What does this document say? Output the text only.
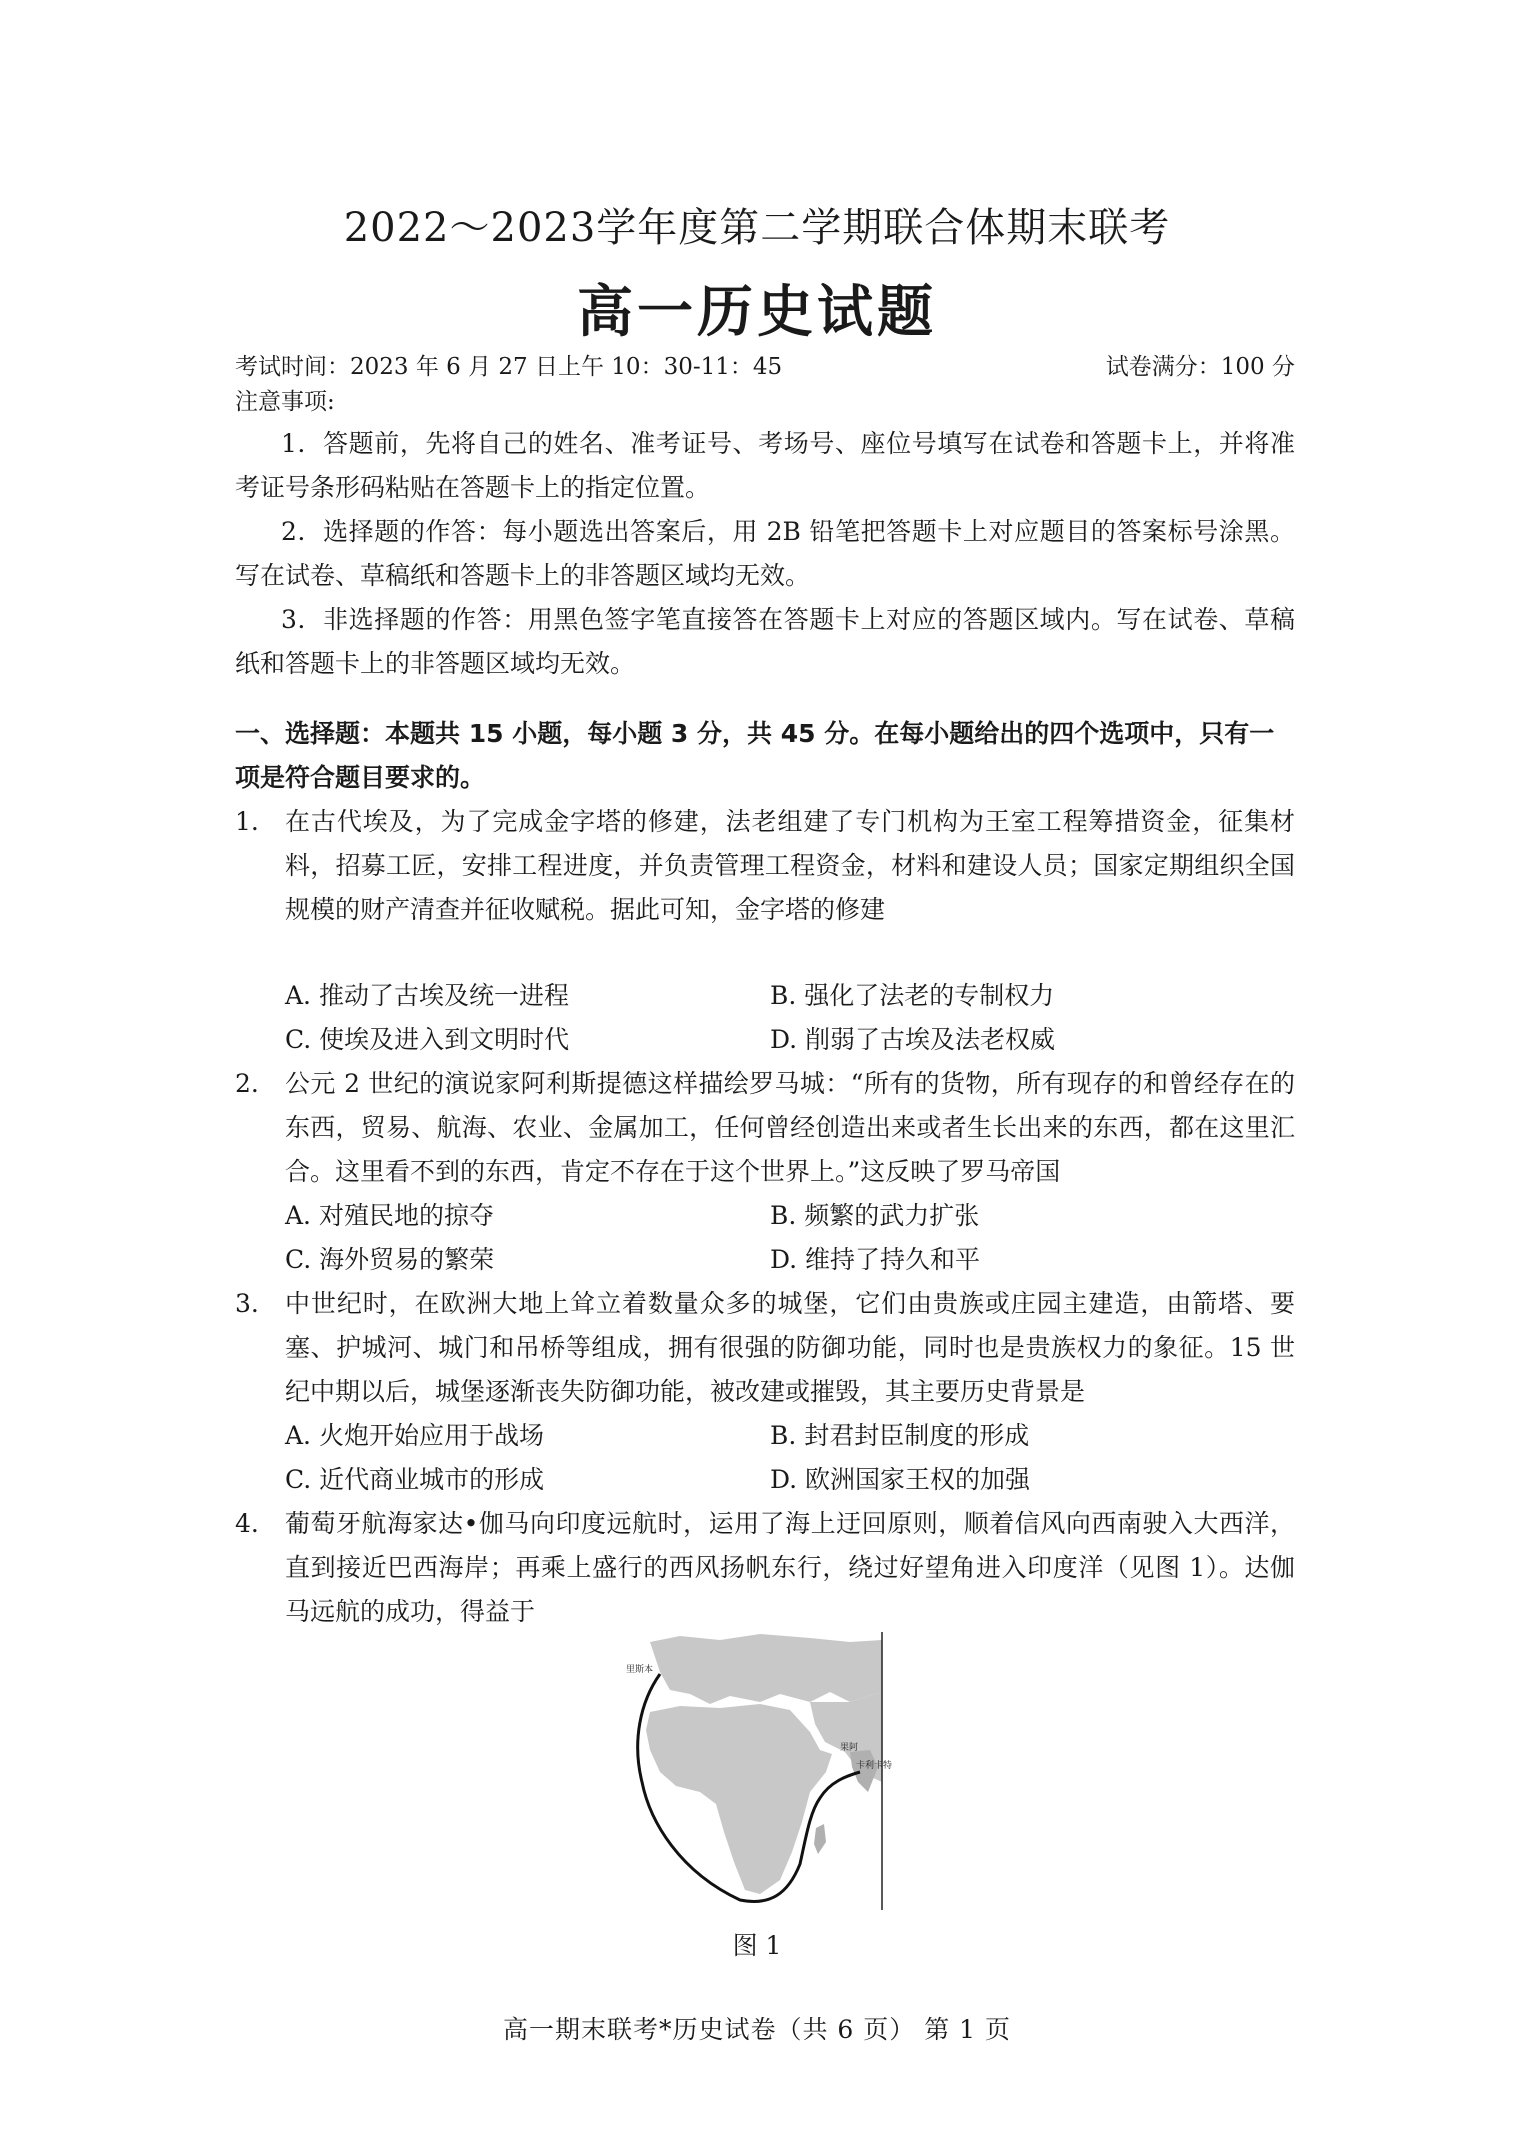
2022～2023学年度第二学期联合体期末联考
高一历史试题
考试时间：2023 年 6 月 27 日上午 10：30-11：45	试卷满分：100 分
注意事项:
1．答题前，先将自己的姓名、准考证号、考场号、座位号填写在试卷和答题卡上，并将准考证号条形码粘贴在答题卡上的指定位置。
2．选择题的作答：每小题选出答案后，用 2B 铅笔把答题卡上对应题目的答案标号涂黑。写在试卷、草稿纸和答题卡上的非答题区域均无效。
3．非选择题的作答：用黑色签字笔直接答在答题卡上对应的答题区域内。写在试卷、草稿纸和答题卡上的非答题区域均无效。
一、选择题：本题共 15 小题，每小题 3 分，共 45 分。在每小题给出的四个选项中，只有一项是符合题目要求的。
1. 在古代埃及，为了完成金字塔的修建，法老组建了专门机构为王室工程筹措资金，征集材料，招募工匠，安排工程进度，并负责管理工程资金，材料和建设人员；国家定期组织全国规模的财产清查并征收赋税。据此可知，金字塔的修建
A. 推动了古埃及统一进程	B. 强化了法老的专制权力
C. 使埃及进入到文明时代	D. 削弱了古埃及法老权威
2. 公元 2 世纪的演说家阿利斯提德这样描绘罗马城：“所有的货物，所有现存的和曾经存在的东西，贸易、航海、农业、金属加工，任何曾经创造出来或者生长出来的东西，都在这里汇合。这里看不到的东西，肯定不存在于这个世界上。”这反映了罗马帝国
A. 对殖民地的掠夺	B. 频繁的武力扩张
C. 海外贸易的繁荣	D. 维持了持久和平
3. 中世纪时，在欧洲大地上耸立着数量众多的城堡，它们由贵族或庄园主建造，由箭塔、要塞、护城河、城门和吊桥等组成，拥有很强的防御功能，同时也是贵族权力的象征。15 世纪中期以后，城堡逐渐丧失防御功能，被改建或摧毁，其主要历史背景是
A. 火炮开始应用于战场	B. 封君封臣制度的形成
C. 近代商业城市的形成	D. 欧洲国家王权的加强
4. 葡萄牙航海家达•伽马向印度远航时，运用了海上迂回原则，顺着信风向西南驶入大西洋，直到接近巴西海岸；再乘上盛行的西风扬帆东行，绕过好望角进入印度洋（见图 1）。达伽马远航的成功，得益于
里斯本
果阿
卡利卡特
图 1
高一期末联考*历史试卷（共 6 页） 第 1 页
